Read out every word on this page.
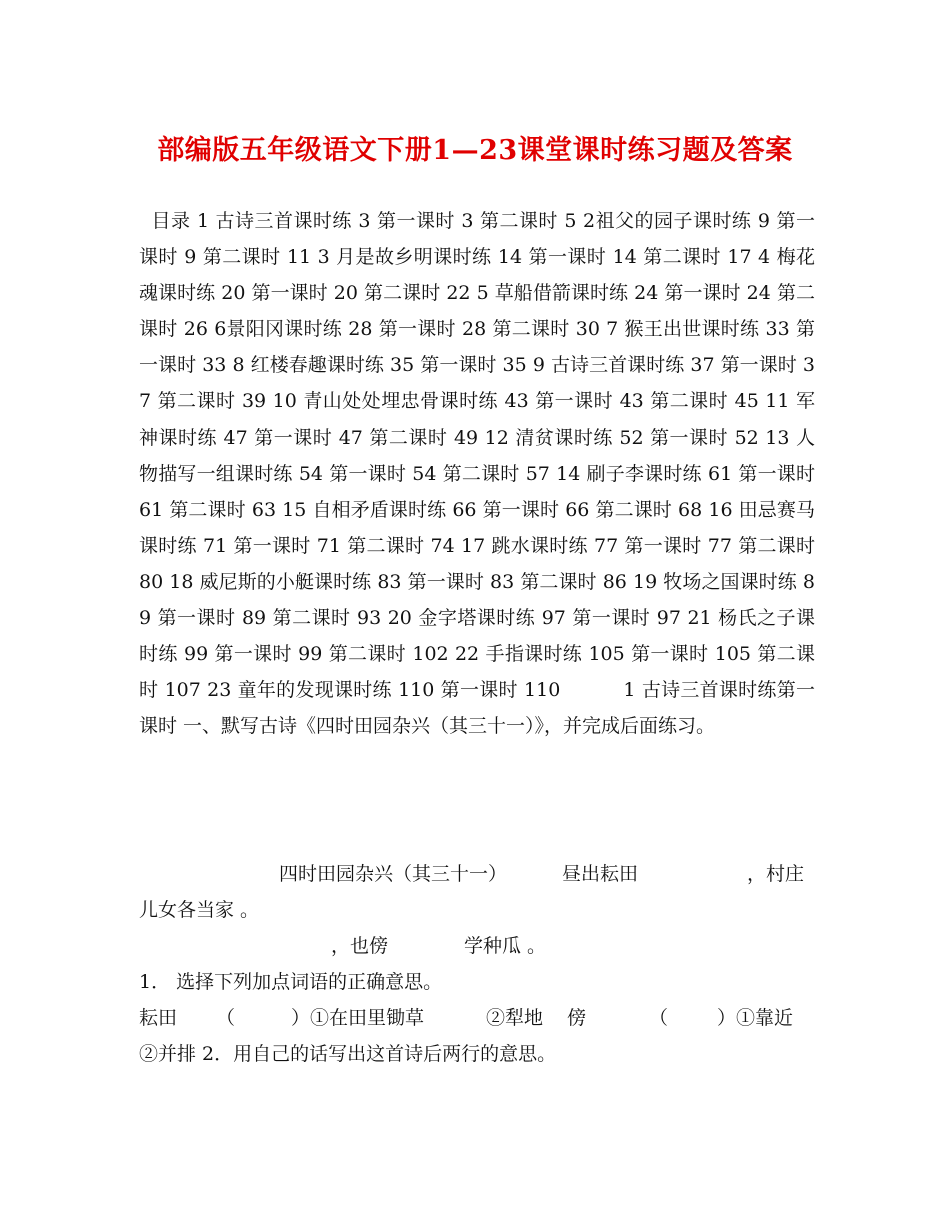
部编版五年级语文下册1—23课堂课时练习题及答案
目录 1 古诗三首课时练 3 第一课时 3 第二课时 5 2祖父的园子课时练 9 第一课时 9 第二课时 11 3 月是故乡明课时练 14 第一课时 14 第二课时 17 4 梅花魂课时练 20 第一课时 20 第二课时 22 5 草船借箭课时练 24 第一课时 24 第二课时 26 6景阳冈课时练 28 第一课时 28 第二课时 30 7 猴王出世课时练 33 第一课时 33 8 红楼春趣课时练 35 第一课时 35 9 古诗三首课时练 37 第一课时 37 第二课时 39 10 青山处处埋忠骨课时练 43 第一课时 43 第二课时 45 11 军神课时练 47 第一课时 47 第二课时 49 12 清贫课时练 52 第一课时 52 13 人物描写一组课时练 54 第一课时 54 第二课时 57 14 刷子李课时练 61 第一课时 61 第二课时 63 15 自相矛盾课时练 66 第一课时 66 第二课时 68 16 田忌赛马 课时练 71 第一课时 71 第二课时 74 17 跳水课时练 77 第一课时 77 第二课时 80 18 威尼斯的小艇课时练 83 第一课时 83 第二课时 86 19 牧场之国课时练 89 第一课时 89 第二课时 93 20 金字塔课时练 97 第一课时 97 21 杨氏之子课时练 99 第一课时 99 第二课时 102 22 手指课时练 105 第一课时 105 第二课时 107 23 童年的发现课时练 110 第一课时 110	1 古诗三首课时练第一课时 一、默写古诗《四时田园杂兴（其三十一）》，并完成后面练习。
四时田园杂兴（其三十一）	昼出耘田	，村庄
儿女各当家 。
，也傍	学种瓜 。
1． 选择下列加点词语的正确意思。
耘田 （	）①在田里锄草	②犁地 傍	（	）①靠近
②并排 2．用自己的话写出这首诗后两行的意思。
